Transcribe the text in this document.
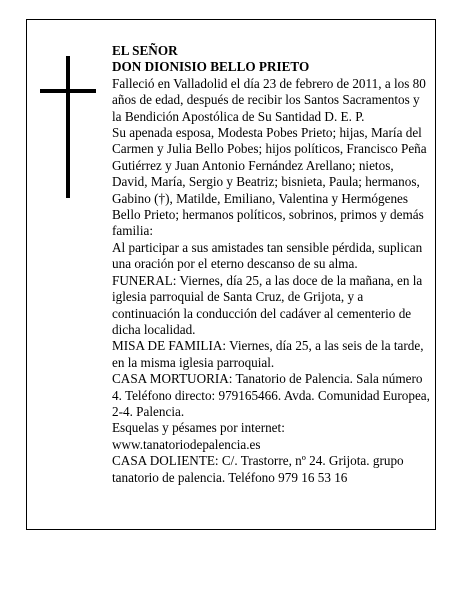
EL SEÑOR

DON DIONISIO BELLO PRIETO

Falleció en Valladolid el día 23 de febrero de 2011, a los 80 años de edad, después de recibir los Santos Sacramentos y la Bendición Apostólica de Su Santidad D. E. P.

Su apenada esposa, Modesta Pobes Prieto; hijas, María del Carmen y Julia Bello Pobes; hijos políticos, Francisco Peña Gutiérrez y Juan Antonio Fernández Arellano; nietos, David, María, Sergio y Beatriz; bisnieta, Paula; hermanos, Gabino (†), Matilde, Emiliano, Valentina y Hermógenes Bello Prieto; hermanos políticos, sobrinos, primos y demás familia:

Al participar a sus amistades tan sensible pérdida, suplican una oración por el eterno descanso de su alma.

FUNERAL: Viernes, día 25, a las doce de la mañana, en la iglesia parroquial de Santa Cruz, de Grijota, y a continuación la conducción del cadáver al cementerio de dicha localidad.

MISA DE FAMILIA: Viernes, día 25, a las seis de la tarde, en la misma iglesia parroquial.

CASA MORTUORIA: Tanatorio de Palencia. Sala número 4. Teléfono directo: 979165466. Avda. Comunidad Europea, 2-4. Palencia.

Esquelas y pésames por internet: www.tanatoriodepalencia.es

CASA DOLIENTE: C/. Trastorre, nº 24. Grijota. grupo tanatorio de palencia. Teléfono 979 16 53 16
